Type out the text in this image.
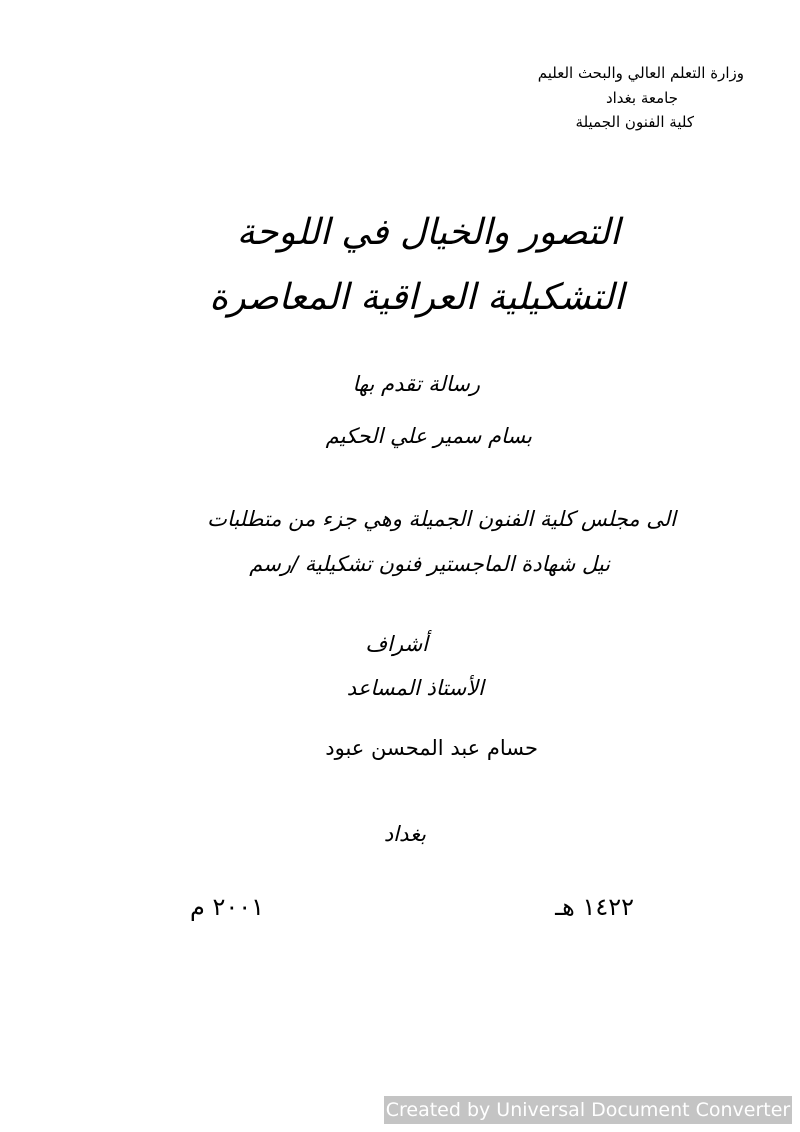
وزارة التعلم العالي والبحث العليم
جامعة بغداد
كلية الفنون الجميلة
التصور والخيال في اللوحة
التشكيلية العراقية المعاصرة
رسالة تقدم بها
بسام سمير علي الحكيم
الى مجلس كلية الفنون الجميلة وهي جزء من متطلبات
نيل شهادة الماجستير فنون تشكيلية /رسم
أشراف
الأستاذ المساعد
حسام عبد المحسن عبود
بغداد
١٤٢٢ هـ
٢٠٠١ م
Created by Universal Document Converter
